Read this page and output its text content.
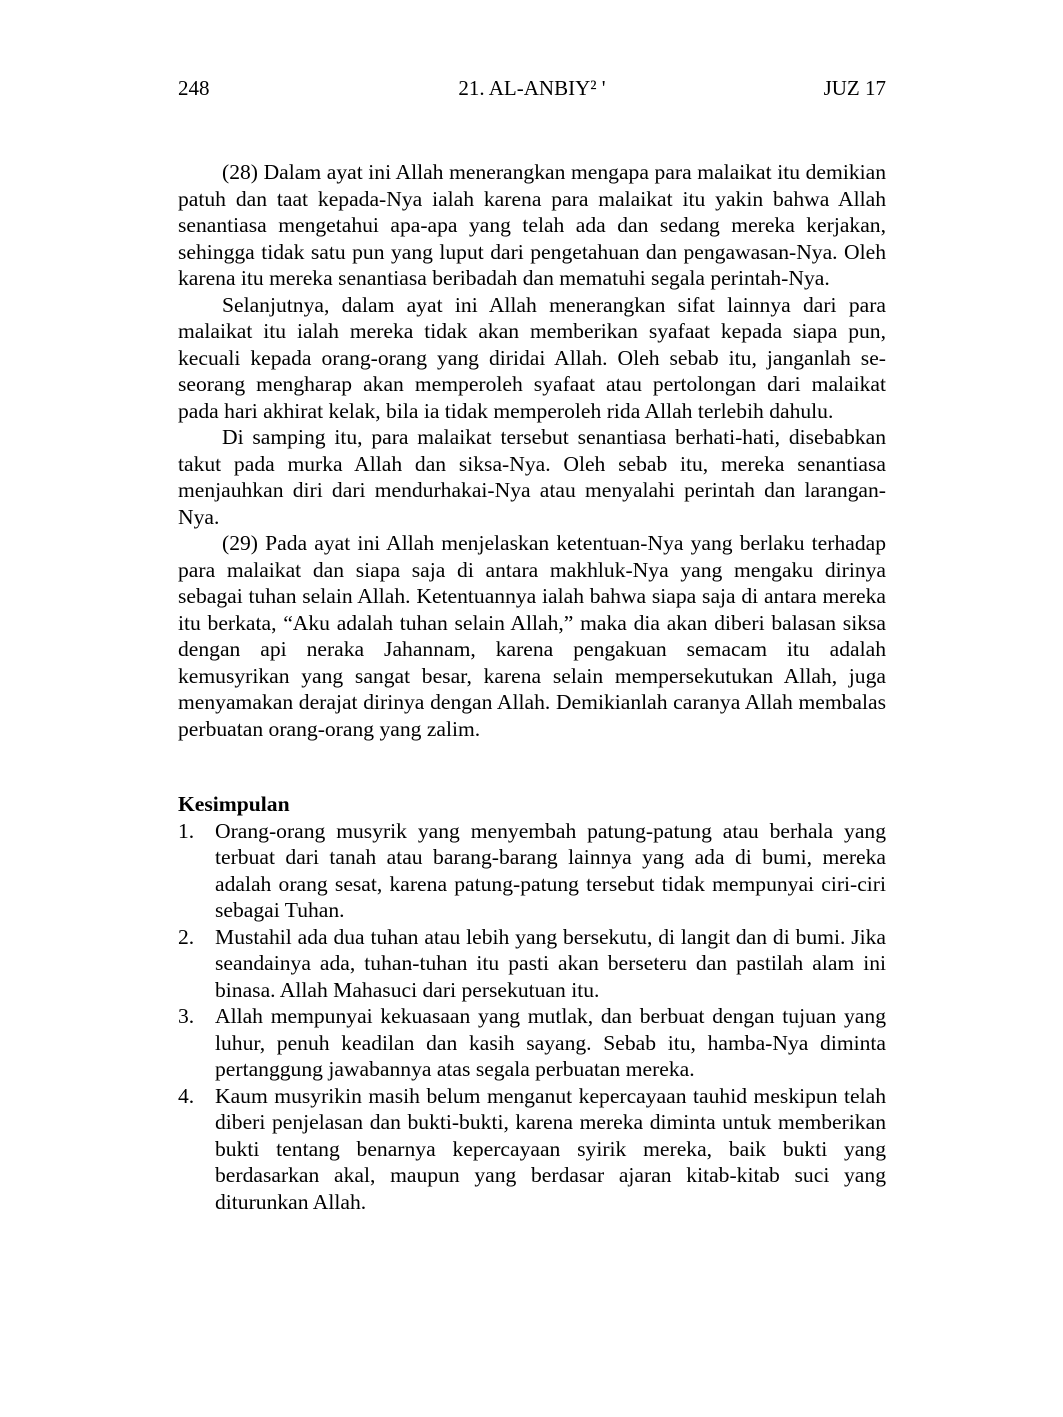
248	21. AL-ANBIY² '	JUZ 17

(28) Dalam ayat ini Allah menerangkan mengapa para malaikat itu demikian patuh dan taat kepada-Nya ialah karena para malaikat itu yakin bahwa Allah senantiasa mengetahui apa-apa yang telah ada dan sedang mereka kerjakan, sehingga tidak satu pun yang luput dari pengetahuan dan pengawasan-Nya. Oleh karena itu mereka senantiasa beribadah dan mematuhi segala perintah-Nya.

Selanjutnya, dalam ayat ini Allah menerangkan sifat lainnya dari para malaikat itu ialah mereka tidak akan memberikan syafaat kepada siapa pun, kecuali kepada orang-orang yang diridai Allah. Oleh sebab itu, janganlah seseorang mengharap akan memperoleh syafaat atau pertolongan dari malaikat pada hari akhirat kelak, bila ia tidak memperoleh rida Allah terlebih dahulu.

Di samping itu, para malaikat tersebut senantiasa berhati-hati, disebabkan takut pada murka Allah dan siksa-Nya. Oleh sebab itu, mereka senantiasa menjauhkan diri dari mendurhakai-Nya atau menyalahi perintah dan larangan-Nya.

(29) Pada ayat ini Allah menjelaskan ketentuan-Nya yang berlaku terhadap para malaikat dan siapa saja di antara makhluk-Nya yang mengaku dirinya sebagai tuhan selain Allah. Ketentuannya ialah bahwa siapa saja di antara mereka itu berkata, “Aku adalah tuhan selain Allah,” maka dia akan diberi balasan siksa dengan api neraka Jahannam, karena pengakuan semacam itu adalah kemusyrikan yang sangat besar, karena selain mempersekutukan Allah, juga menyamakan derajat dirinya dengan Allah. Demikianlah caranya Allah membalas perbuatan orang-orang yang zalim.

Kesimpulan
1. Orang-orang musyrik yang menyembah patung-patung atau berhala yang terbuat dari tanah atau barang-barang lainnya yang ada di bumi, mereka adalah orang sesat, karena patung-patung tersebut tidak mempunyai ciri-ciri sebagai Tuhan.
2. Mustahil ada dua tuhan atau lebih yang bersekutu, di langit dan di bumi. Jika seandainya ada, tuhan-tuhan itu pasti akan berseteru dan pastilah alam ini binasa. Allah Mahasuci dari persekutuan itu.
3. Allah mempunyai kekuasaan yang mutlak, dan berbuat dengan tujuan yang luhur, penuh keadilan dan kasih sayang. Sebab itu, hamba-Nya diminta pertanggung jawabannya atas segala perbuatan mereka.
4. Kaum musyrikin masih belum menganut kepercayaan tauhid meskipun telah diberi penjelasan dan bukti-bukti, karena mereka diminta untuk memberikan bukti tentang benarnya kepercayaan syirik mereka, baik bukti yang berdasarkan akal, maupun yang berdasar ajaran kitab-kitab suci yang diturunkan Allah.
